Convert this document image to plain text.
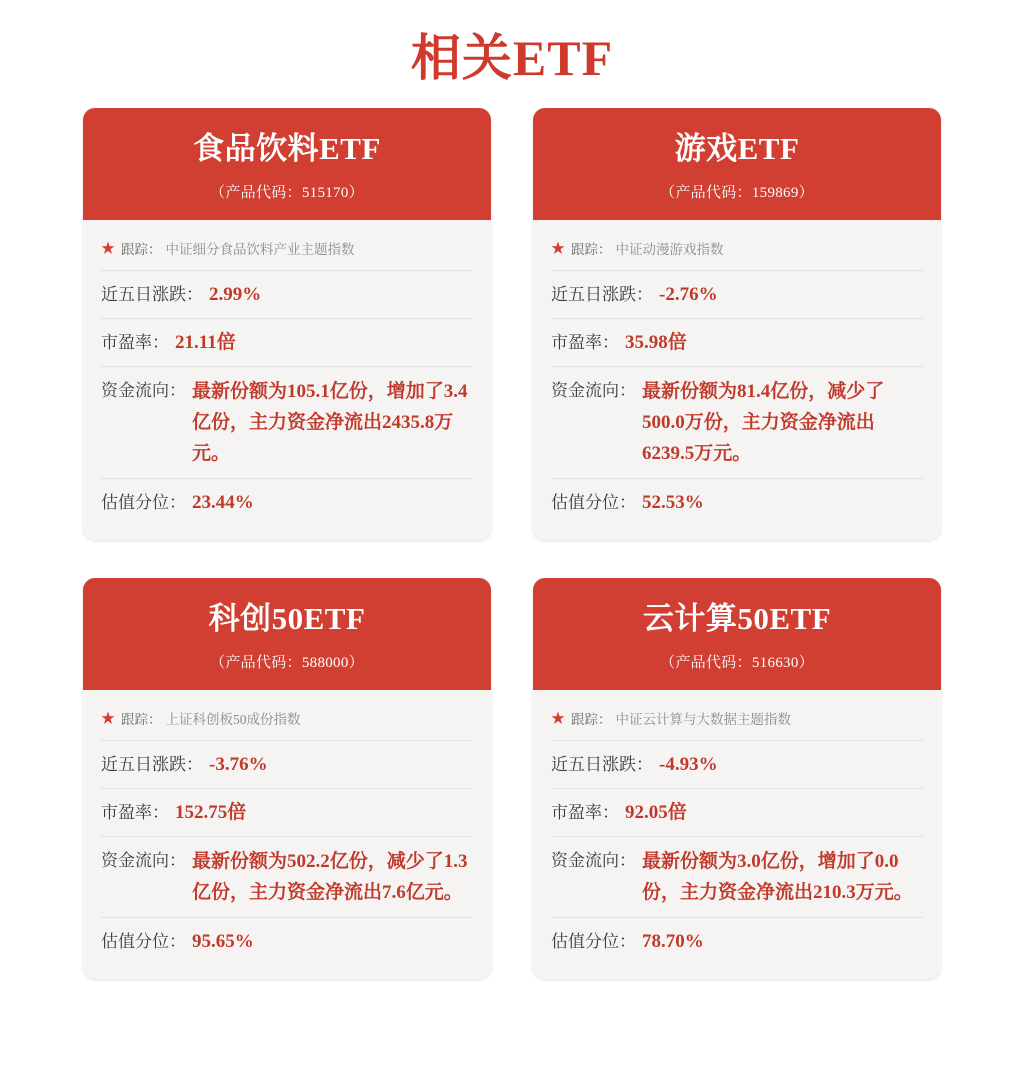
相关ETF
食品饮料ETF
（产品代码：515170）
★ 跟踪： 中证细分食品饮料产业主题指数
近五日涨跌： 2.99%
市盈率： 21.11倍
资金流向： 最新份额为105.1亿份，增加了3.4亿份，主力资金净流出2435.8万元。
估值分位： 23.44%
游戏ETF
（产品代码：159869）
★ 跟踪： 中证动漫游戏指数
近五日涨跌： -2.76%
市盈率： 35.98倍
资金流向： 最新份额为81.4亿份，减少了500.0万份，主力资金净流出6239.5万元。
估值分位： 52.53%
科创50ETF
（产品代码：588000）
★ 跟踪： 上证科创板50成份指数
近五日涨跌： -3.76%
市盈率： 152.75倍
资金流向： 最新份额为502.2亿份，减少了1.3亿份，主力资金净流出7.6亿元。
估值分位： 95.65%
云计算50ETF
（产品代码：516630）
★ 跟踪： 中证云计算与大数据主题指数
近五日涨跌： -4.93%
市盈率： 92.05倍
资金流向： 最新份额为3.0亿份，增加了0.0份，主力资金净流出210.3万元。
估值分位： 78.70%
